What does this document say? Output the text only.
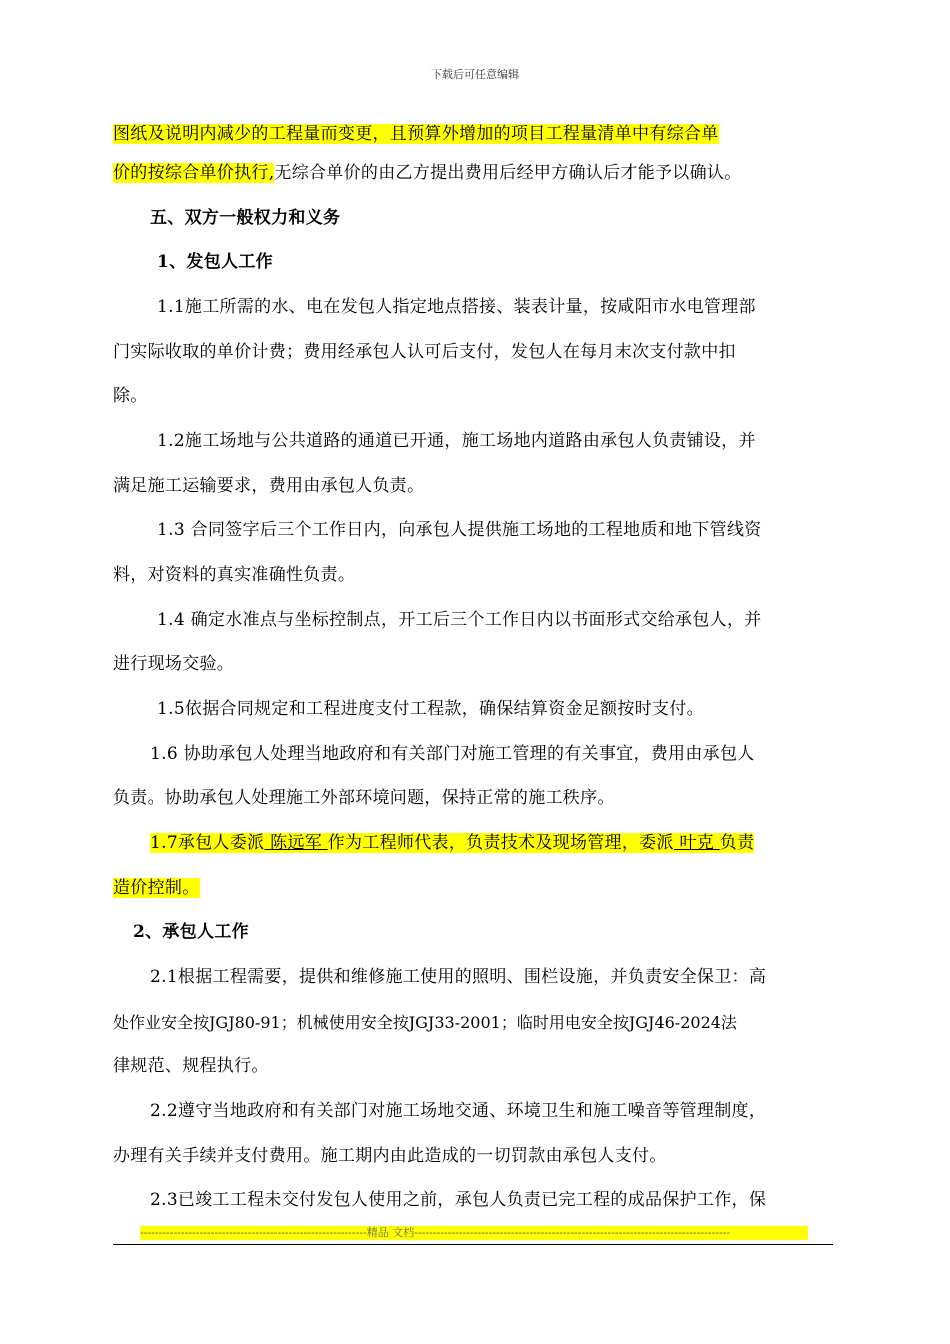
下载后可任意编辑
图纸及说明内减少的工程量而变更，且预算外增加的项目工程量清单中有综合单
价的按综合单价执行,无综合单价的由乙方提出费用后经甲方确认后才能予以确认。
五、双方一般权力和义务
1、发包人工作
1.1施工所需的水、电在发包人指定地点搭接、装表计量，按咸阳市水电管理部
门实际收取的单价计费；费用经承包人认可后支付，发包人在每月末次支付款中扣
除。
1.2施工场地与公共道路的通道已开通，施工场地内道路由承包人负责铺设，并
满足施工运输要求，费用由承包人负责。
1.3 合同签字后三个工作日内，向承包人提供施工场地的工程地质和地下管线资
料，对资料的真实准确性负责。
1.4 确定水准点与坐标控制点，开工后三个工作日内以书面形式交给承包人，并
进行现场交验。
1.5依据合同规定和工程进度支付工程款，确保结算资金足额按时支付。
1.6 协助承包人处理当地政府和有关部门对施工管理的有关事宜，费用由承包人
负责。协助承包人处理施工外部环境问题，保持正常的施工秩序。
1.7承包人委派 陈远军 作为工程师代表，负责技术及现场管理，委派 叶克 负责
造价控制。
2、承包人工作
2.1根据工程需要，提供和维修施工使用的照明、围栏设施，并负责安全保卫：高
处作业安全按JGJ80-91；机械使用安全按JGJ33-2001；临时用电安全按JGJ46-2024法
律规范、规程执行。
2.2遵守当地政府和有关部门对施工场地交通、环境卫生和施工噪音等管理制度，
办理有关手续并支付费用。施工期内由此造成的一切罚款由承包人支付。
2.3已竣工工程未交付发包人使用之前，承包人负责已完工程的成品保护工作，保
-------------------------------------------------------------精品 文档-------------------------------------------------------------------------------------
